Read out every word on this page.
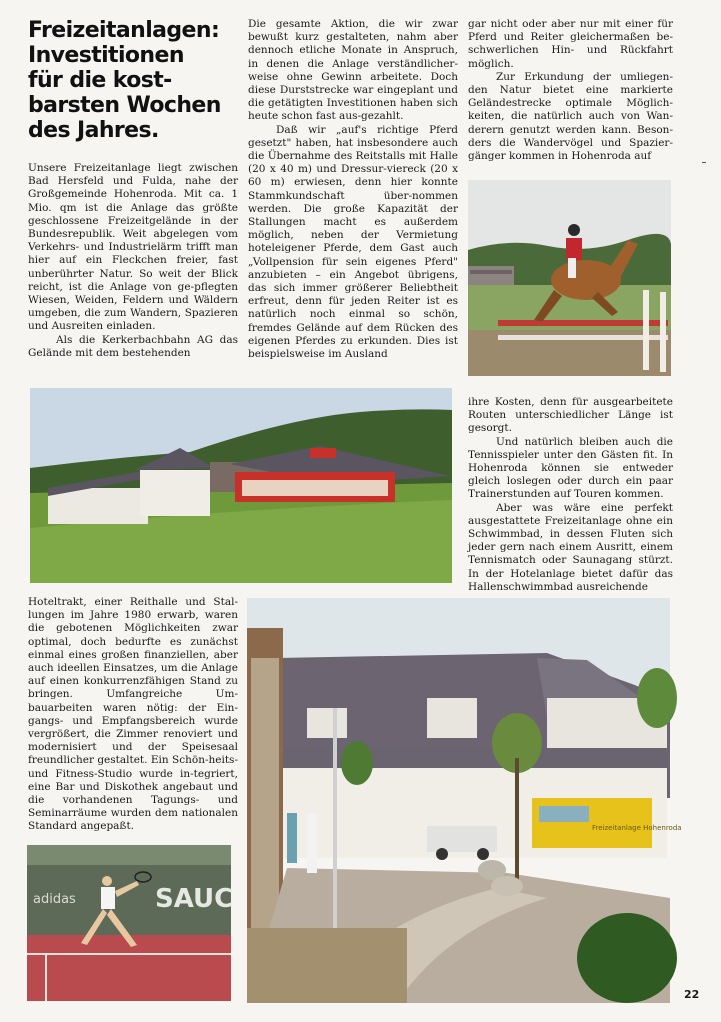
Freizeitanlagen:
Investitionen
für die kost-
barsten Wochen
des Jahres.

Unsere Freizeitanlage liegt zwischen Bad Hersfeld und Fulda, nahe der Großgemeinde Hohenroda. Mit ca. 1 Mio. qm ist die Anlage das größte geschlossene Freizeitgelände in der Bundesrepublik. Weit abgelegen vom Verkehrs- und Industrielärm trifft man hier auf ein Fleckchen freier, fast unberührter Natur. So weit der Blick reicht, ist die Anlage von ge-pflegten Wiesen, Weiden, Feldern und Wäldern umgeben, die zum Wandern, Spazieren und Ausreiten einladen.

Als die Kerkerbachbahn AG das Gelände mit dem bestehenden

Die gesamte Aktion, die wir zwar bewußt kurz gestalteten, nahm aber dennoch etliche Monate in Anspruch, in denen die Anlage verständlicher-weise ohne Gewinn arbeitete. Doch diese Durststrecke war eingeplant und die getätigten Investitionen haben sich heute schon fast aus-gezahlt.

Daß wir „auf's richtige Pferd gesetzt" haben, hat insbesondere auch die Übernahme des Reitstalls mit Halle (20 x 40 m) und Dressur-viereck (20 x 60 m) erwiesen, denn hier konnte Stammkundschaft über-nommen werden. Die große Kapazität der Stallungen macht es außerdem möglich, neben der Vermietung hoteleigener Pferde, dem Gast auch „Vollpension für sein eigenes Pferd" anzubieten – ein Angebot übrigens, das sich immer größerer Beliebtheit erfreut, denn für jeden Reiter ist es natürlich noch einmal so schön, fremdes Gelände auf dem Rücken des eigenen Pferdes zu erkunden. Dies ist beispielsweise im Ausland

gar nicht oder aber nur mit einer für Pferd und Reiter gleichermaßen be-schwerlichen Hin- und Rückfahrt möglich.

Zur Erkundung der umliegen-den Natur bietet eine markierte Geländestrecke optimale Möglich-keiten, die natürlich auch von Wan-derern genutzt werden kann. Beson-ders die Wandervögel und Spazier-gänger kommen in Hohenroda auf

ihre Kosten, denn für ausgearbeitete Routen unterschiedlicher Länge ist gesorgt.

Und natürlich bleiben auch die Tennisspieler unter den Gästen fit. In Hohenroda können sie entweder gleich loslegen oder durch ein paar Trainerstunden auf Touren kommen.

Aber was wäre eine perfekt ausgestattete Freizeitanlage ohne ein Schwimmbad, in dessen Fluten sich jeder gern nach einem Ausritt, einem Tennismatch oder Saunagang stürzt. In der Hotelanlage bietet dafür das Hallenschwimmbad ausreichende

Hoteltrakt, einer Reithalle und Stal-lungen im Jahre 1980 erwarb, waren die gebotenen Möglichkeiten zwar optimal, doch bedurfte es zunächst einmal eines großen finanziellen, aber auch ideellen Einsatzes, um die Anlage auf einen konkurrenzfähigen Stand zu bringen. Umfangreiche Um-bauarbeiten waren nötig: der Ein-gangs- und Empfangsbereich wurde vergrößert, die Zimmer renoviert und modernisiert und der Speisesaal freundlicher gestaltet. Ein Schön-heits- und Fitness-Studio wurde in-tegriert, eine Bar und Diskothek angebaut und die vorhandenen Tagungs- und Seminarräume wurden dem nationalen Standard angepaßt.	Freizeitanlage Hohenroda
adidas	SAUC
22
